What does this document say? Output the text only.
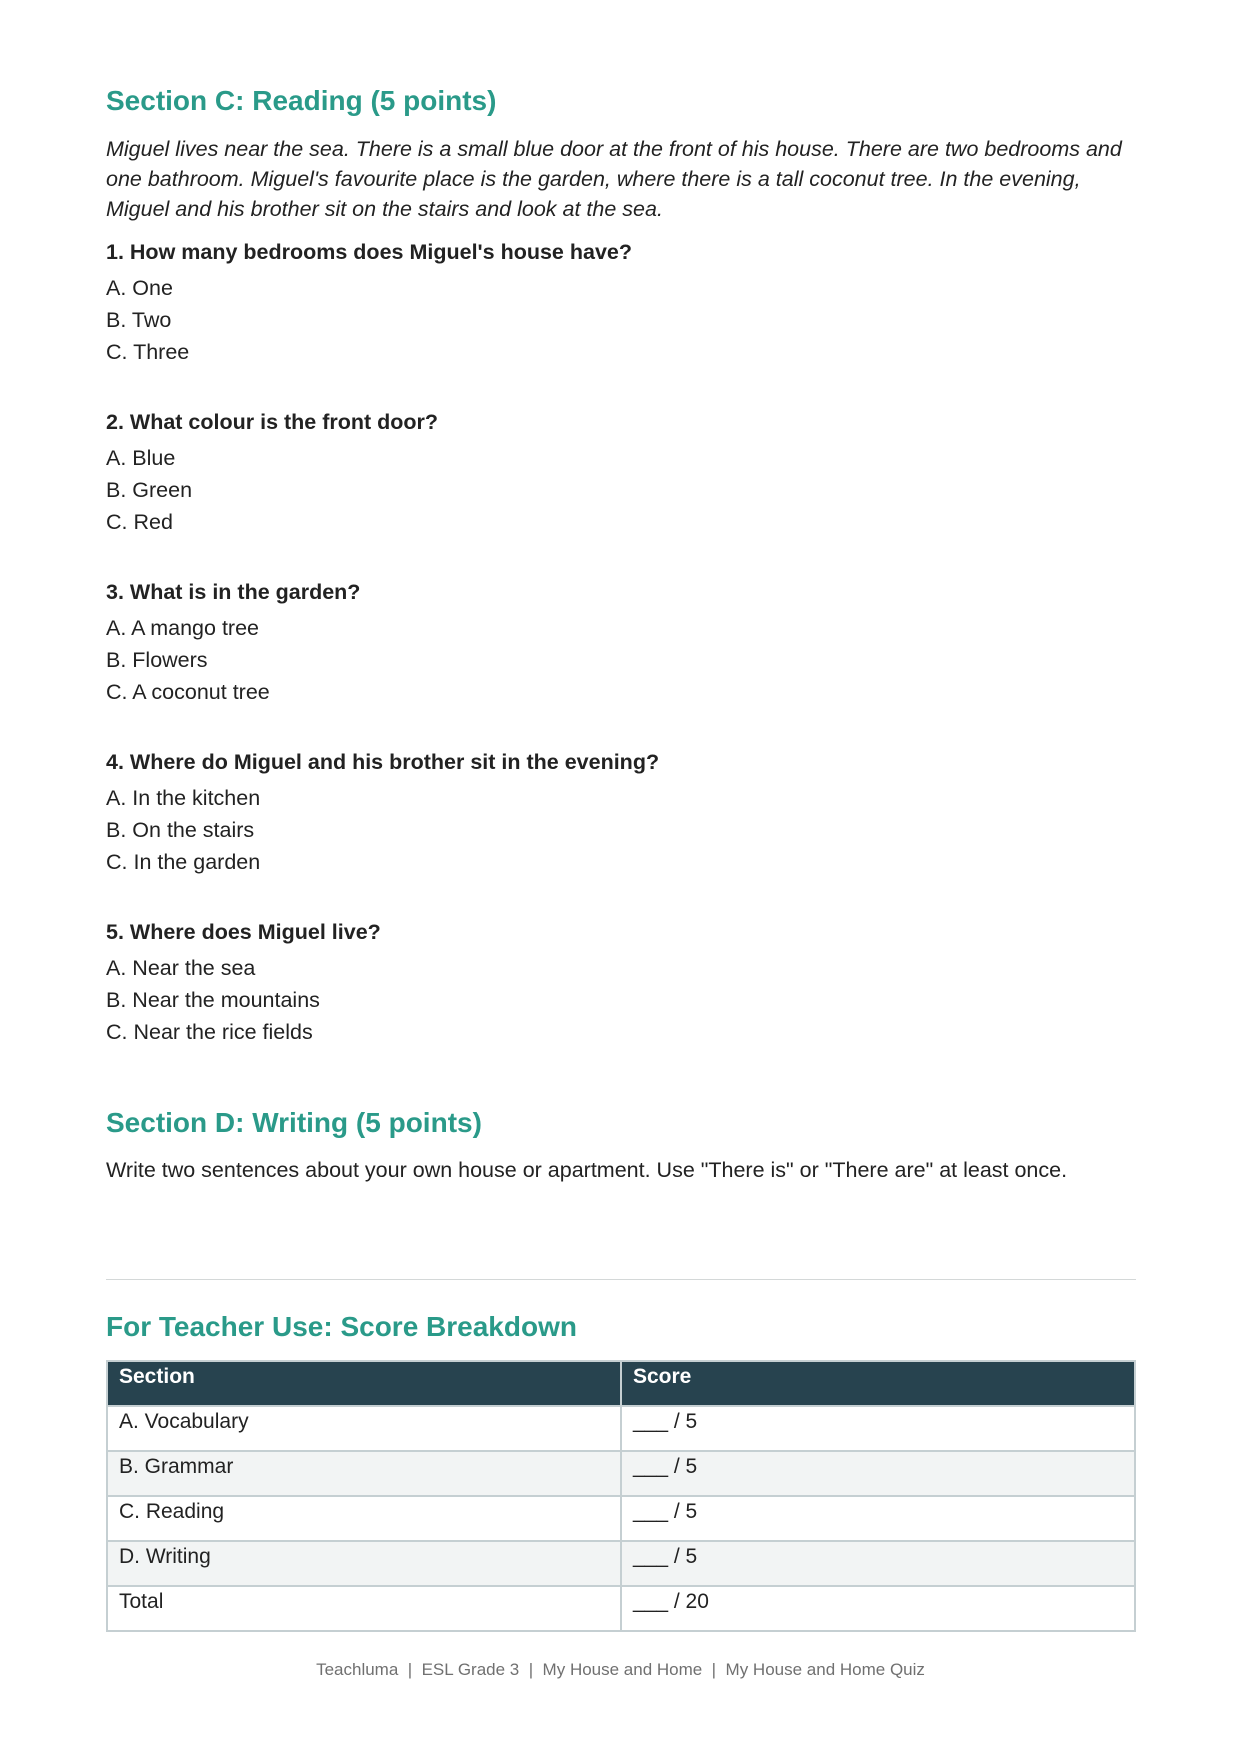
Section C: Reading (5 points)

Miguel lives near the sea. There is a small blue door at the front of his house. There are two bedrooms and one bathroom. Miguel's favourite place is the garden, where there is a tall coconut tree. In the evening, Miguel and his brother sit on the stairs and look at the sea.

1. How many bedrooms does Miguel's house have?

A. One

B. Two

C. Three

2. What colour is the front door?

A. Blue

B. Green

C. Red

3. What is in the garden?

A. A mango tree

B. Flowers

C. A coconut tree

4. Where do Miguel and his brother sit in the evening?

A. In the kitchen

B. On the stairs

C. In the garden

5. Where does Miguel live?

A. Near the sea

B. Near the mountains

C. Near the rice fields

Section D: Writing (5 points)

Write two sentences about your own house or apartment. Use "There is" or "There are" at least once.

For Teacher Use: Score Breakdown
Section	Score
A. Vocabulary	___ / 5
B. Grammar	___ / 5
C. Reading	___ / 5
D. Writing	___ / 5
Total	___ / 20
Teachluma  |  ESL Grade 3  |  My House and Home  |  My House and Home Quiz
